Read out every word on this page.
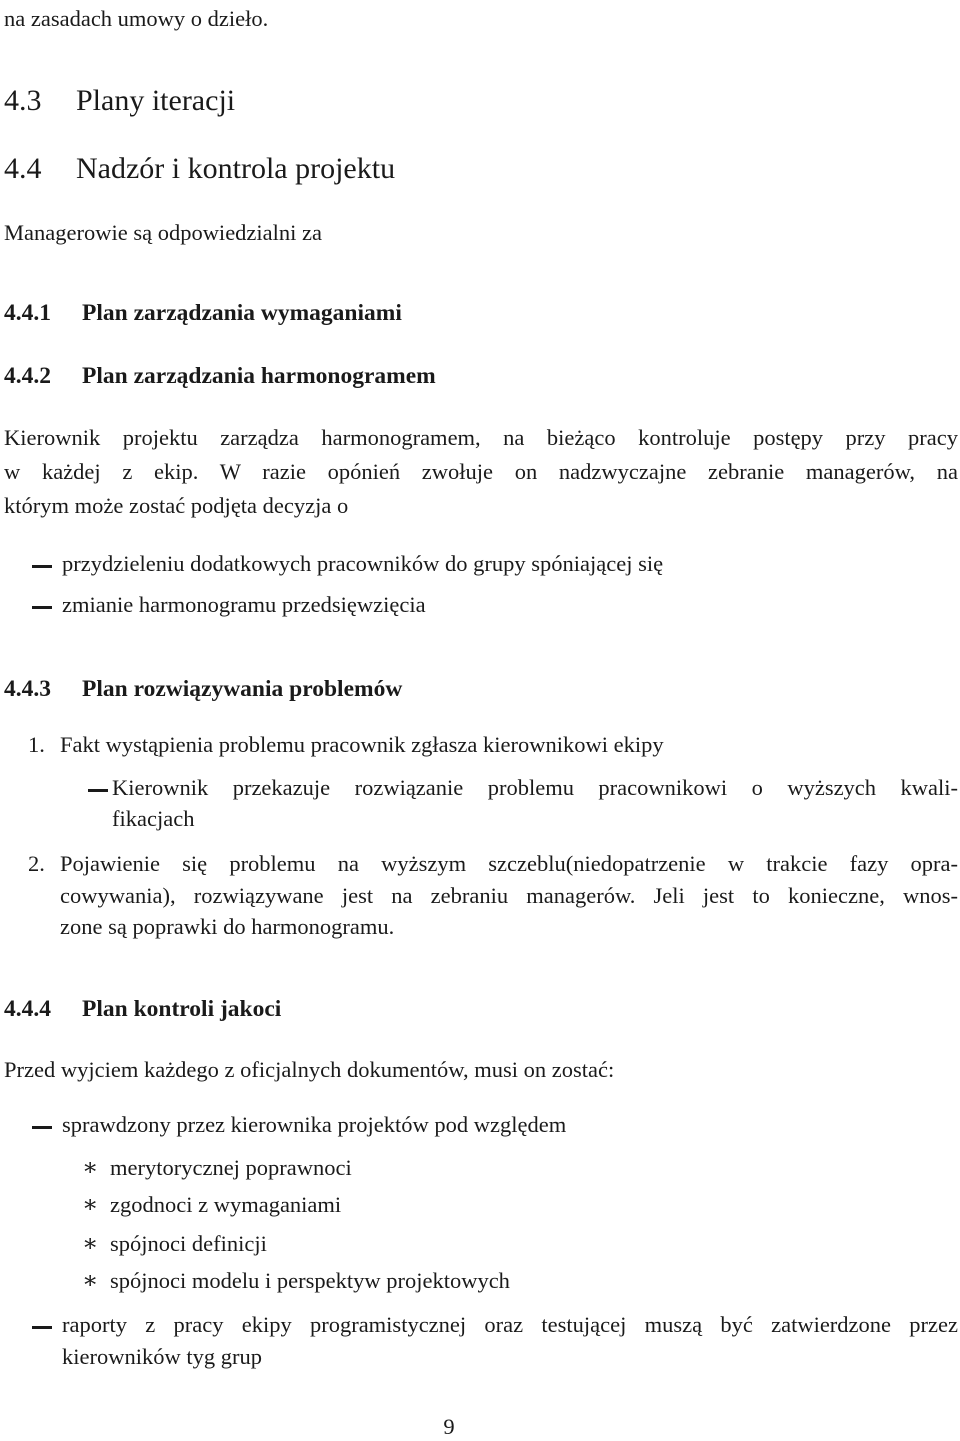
na zasadach umowy o dzieło.
4.3 Plany iteracji
4.4 Nadzór i kontrola projektu
Managerowie są odpowiedzialni za
4.4.1 Plan zarządzania wymaganiami
4.4.2 Plan zarządzania harmonogramem
Kierownik projektu zarządza harmonogramem, na bieżąco kontroluje postępy przy pracy
w każdej z ekip. W razie opónień zwołuje on nadzwyczajne zebranie managerów, na
którym może zostać podjęta decyzja o
przydzieleniu dodatkowych pracowników do grupy spóniającej się
zmianie harmonogramu przedsięwzięcia
4.4.3 Plan rozwiązywania problemów
1. Fakt wystąpienia problemu pracownik zgłasza kierownikowi ekipy
Kierownik przekazuje rozwiązanie problemu pracownikowi o wyższych kwali-
fikacjach
2. Pojawienie się problemu na wyższym szczeblu(niedopatrzenie w trakcie fazy opra-
cowywania), rozwiązywane jest na zebraniu managerów. Jeli jest to konieczne, wnos-
zone są poprawki do harmonogramu.
4.4.4 Plan kontroli jakoci
Przed wyjciem każdego z oficjalnych dokumentów, musi on zostać:
sprawdzony przez kierownika projektów pod względem
∗ merytorycznej poprawnoci
∗ zgodnoci z wymaganiami
∗ spójnoci definicji
∗ spójnoci modelu i perspektyw projektowych
raporty z pracy ekipy programistycznej oraz testującej muszą być zatwierdzone przez
kierowników tyg grup
9
